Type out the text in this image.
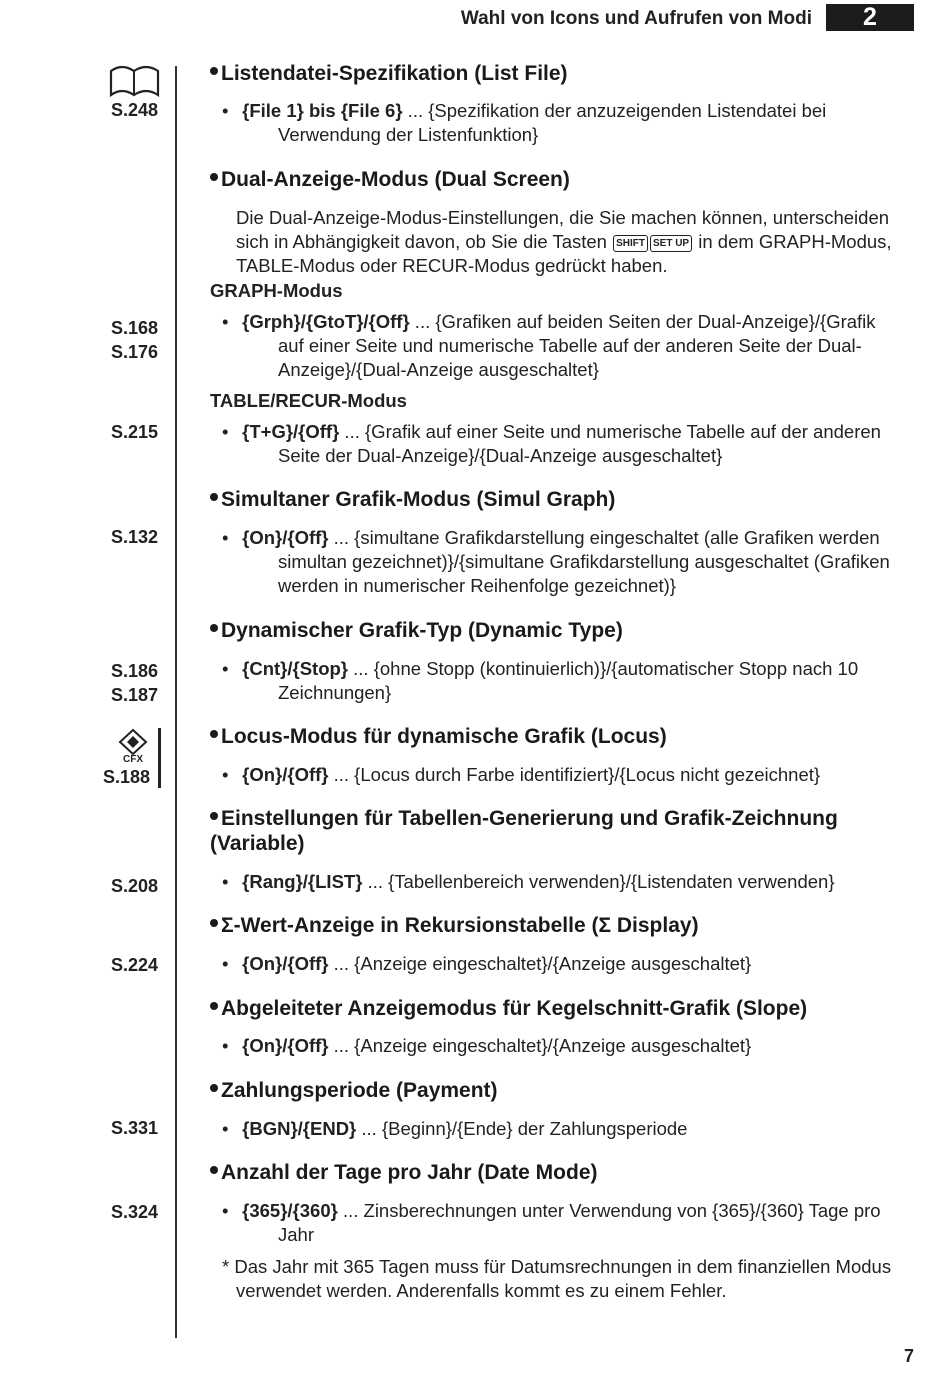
Wahl von Icons und Aufrufen von Modi	2
S.248
S.168
S.176
S.215
S.132
S.186
S.187
CFX
S.188
S.208
S.224
S.331
S.324
Listendatei-Spezifikation (List File)
• {File 1} bis {File 6} ... {Spezifikation der anzuzeigenden Listendatei bei Verwendung der Listenfunktion}
Dual-Anzeige-Modus (Dual Screen)
Die Dual-Anzeige-Modus-Einstellungen, die Sie machen können, unterscheiden sich in Abhängigkeit davon, ob Sie die Tasten SHIFT SET UP in dem GRAPH-Modus, TABLE-Modus oder RECUR-Modus gedrückt haben.
GRAPH-Modus
• {Grph}/{GtoT}/{Off} ... {Grafiken auf beiden Seiten der Dual-Anzeige}/{Grafik auf einer Seite und numerische Tabelle auf der anderen Seite der Dual-Anzeige}/{Dual-Anzeige ausgeschaltet}
TABLE/RECUR-Modus
• {T+G}/{Off} ... {Grafik auf einer Seite und numerische Tabelle auf der anderen Seite der Dual-Anzeige}/{Dual-Anzeige ausgeschaltet}
Simultaner Grafik-Modus (Simul Graph)
• {On}/{Off} ... {simultane Grafikdarstellung eingeschaltet (alle Grafiken werden simultan gezeichnet)}/{simultane Grafikdarstellung ausgeschaltet (Grafiken werden in numerischer Reihenfolge gezeichnet)}
Dynamischer Grafik-Typ (Dynamic Type)
• {Cnt}/{Stop} ... {ohne Stopp (kontinuierlich)}/{automatischer Stopp nach 10 Zeichnungen}
Locus-Modus für dynamische Grafik (Locus)
• {On}/{Off} ... {Locus durch Farbe identifiziert}/{Locus nicht gezeichnet}
Einstellungen für Tabellen-Generierung und Grafik-Zeichnung (Variable)
• {Rang}/{LIST} ... {Tabellenbereich verwenden}/{Listendaten verwenden}
Σ-Wert-Anzeige in Rekursionstabelle (Σ Display)
• {On}/{Off} ... {Anzeige eingeschaltet}/{Anzeige ausgeschaltet}
Abgeleiteter Anzeigemodus für Kegelschnitt-Grafik (Slope)
• {On}/{Off} ... {Anzeige eingeschaltet}/{Anzeige ausgeschaltet}
Zahlungsperiode (Payment)
• {BGN}/{END} ... {Beginn}/{Ende} der Zahlungsperiode
Anzahl der Tage pro Jahr (Date Mode)
• {365}/{360} ... Zinsberechnungen unter Verwendung von {365}/{360} Tage pro Jahr
* Das Jahr mit 365 Tagen muss für Datumsrechnungen in dem finanziellen Modus verwendet werden. Anderenfalls kommt es zu einem Fehler.
7
